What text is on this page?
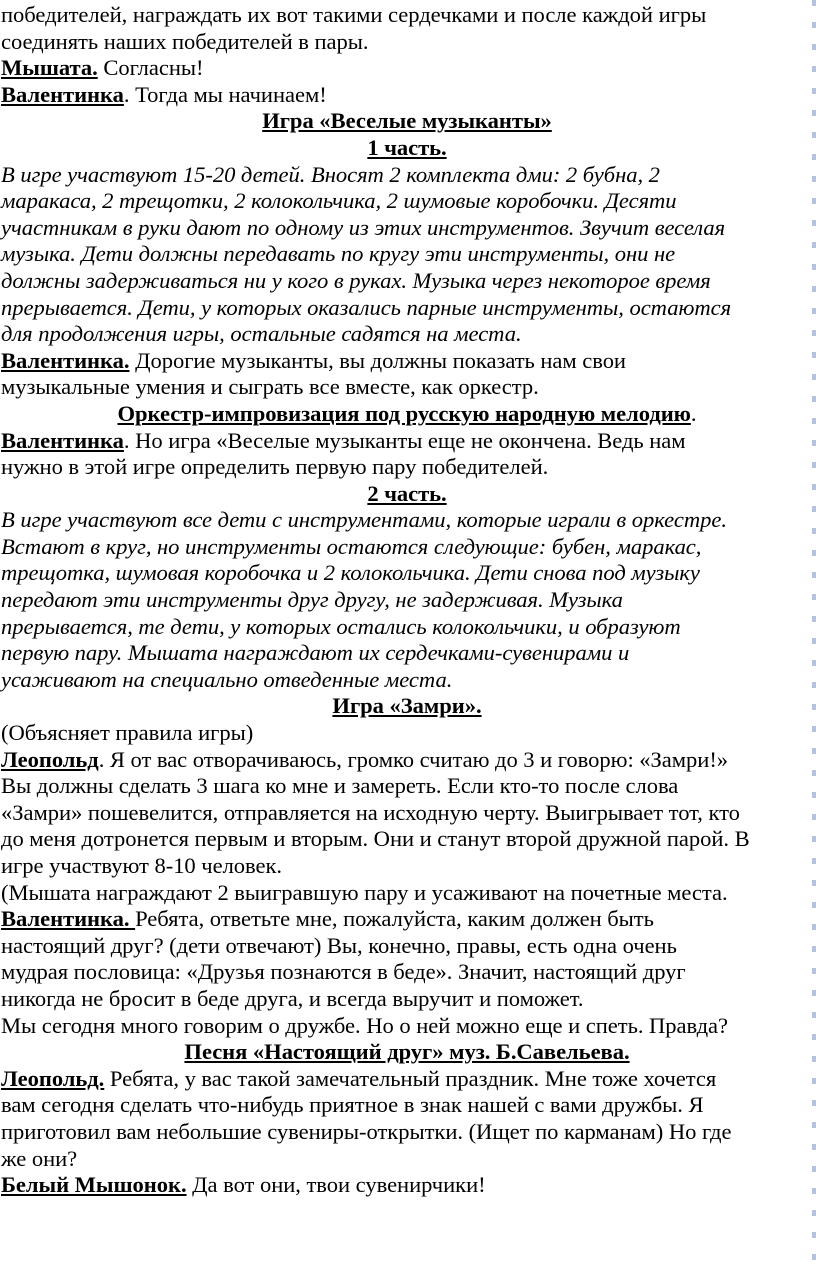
победителей, награждать их вот такими сердечками и после каждой игры

соединять наших победителей в пары.

Мышата. Согласны!

Валентинка. Тогда мы начинаем!

Игра «Веселые музыканты»

1 часть.

В игре участвуют 15-20 детей. Вносят 2 комплекта дми: 2 бубна, 2

маракаса, 2 трещотки, 2 колокольчика, 2 шумовые коробочки. Десяти

участникам в руки дают по одному из этих инструментов. Звучит веселая

музыка. Дети должны передавать по кругу эти инструменты, они не

должны задерживаться ни у кого в руках. Музыка через некоторое время

прерывается. Дети, у которых оказались парные инструменты, остаются

для продолжения игры, остальные садятся на места.

Валентинка. Дорогие музыканты, вы должны показать нам свои

музыкальные умения и сыграть все вместе, как оркестр.

Оркестр-импровизация под русскую народную мелодию.

Валентинка. Но игра «Веселые музыканты еще не окончена. Ведь нам

нужно в этой игре определить первую пару победителей.

2 часть.

В игре участвуют все дети с инструментами, которые играли в оркестре.

Встают в круг, но инструменты остаются следующие: бубен, маракас,

трещотка, шумовая коробочка и 2 колокольчика. Дети снова под музыку

передают эти инструменты друг другу, не задерживая. Музыка

прерывается, те дети, у которых остались колокольчики, и образуют

первую пару. Мышата награждают их сердечками-сувенирами и

усаживают на специально отведенные места.

Игра «Замри».

(Объясняет правила игры)

Леопольд. Я от вас отворачиваюсь, громко считаю до 3 и говорю: «Замри!»

Вы должны сделать 3 шага ко мне и замереть. Если кто-то после слова

«Замри» пошевелится, отправляется на исходную черту. Выигрывает тот, кто

до меня дотронется первым и вторым. Они и станут второй дружной парой. В

игре участвуют 8-10 человек.

(Мышата награждают 2 выигравшую пару и усаживают на почетные места.

Валентинка. Ребята, ответьте мне, пожалуйста, каким должен быть

настоящий друг? (дети отвечают) Вы, конечно, правы, есть одна очень

мудрая пословица: «Друзья познаются в беде». Значит, настоящий друг

никогда не бросит в беде друга, и всегда выручит и поможет.

Мы сегодня много говорим о дружбе. Но о ней можно еще и спеть. Правда?

Песня «Настоящий друг» муз. Б.Савельева.

Леопольд. Ребята, у вас такой замечательный праздник. Мне тоже хочется

вам сегодня сделать что-нибудь приятное в знак нашей с вами дружбы. Я

приготовил вам небольшие сувениры-открытки. (Ищет по карманам) Но где

же они?

Белый Мышонок. Да вот они, твои сувенирчики!
